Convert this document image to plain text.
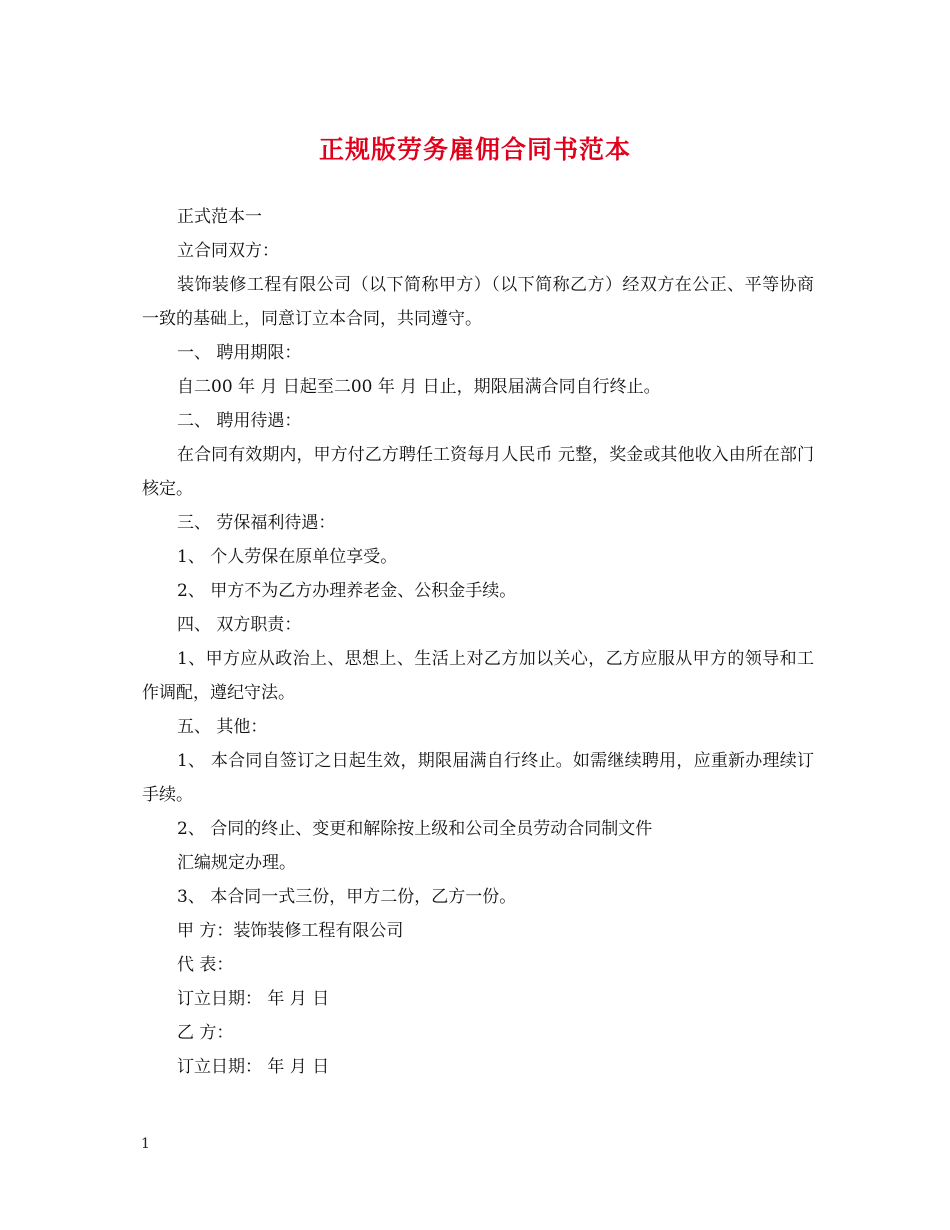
正规版劳务雇佣合同书范本

正式范本一

立合同双方：

装饰装修工程有限公司（以下简称甲方）（以下简称乙方）经双方在公正、平等协商一致的基础上，同意订立本合同，共同遵守。

一、 聘用期限：

自二00 年 月 日起至二00 年 月 日止，期限届满合同自行终止。

二、 聘用待遇：

在合同有效期内，甲方付乙方聘任工资每月人民币 元整，奖金或其他收入由所在部门核定。

三、 劳保福利待遇：

1、 个人劳保在原单位享受。

2、 甲方不为乙方办理养老金、公积金手续。

四、 双方职责：

1、甲方应从政治上、思想上、生活上对乙方加以关心，乙方应服从甲方的领导和工作调配，遵纪守法。

五、 其他：

1、 本合同自签订之日起生效，期限届满自行终止。如需继续聘用，应重新办理续订手续。

2、 合同的终止、变更和解除按上级和公司全员劳动合同制文件

汇编规定办理。

3、 本合同一式三份，甲方二份，乙方一份。

甲 方：装饰装修工程有限公司

代 表：

订立日期： 年 月 日

乙 方：

订立日期： 年 月 日

1
